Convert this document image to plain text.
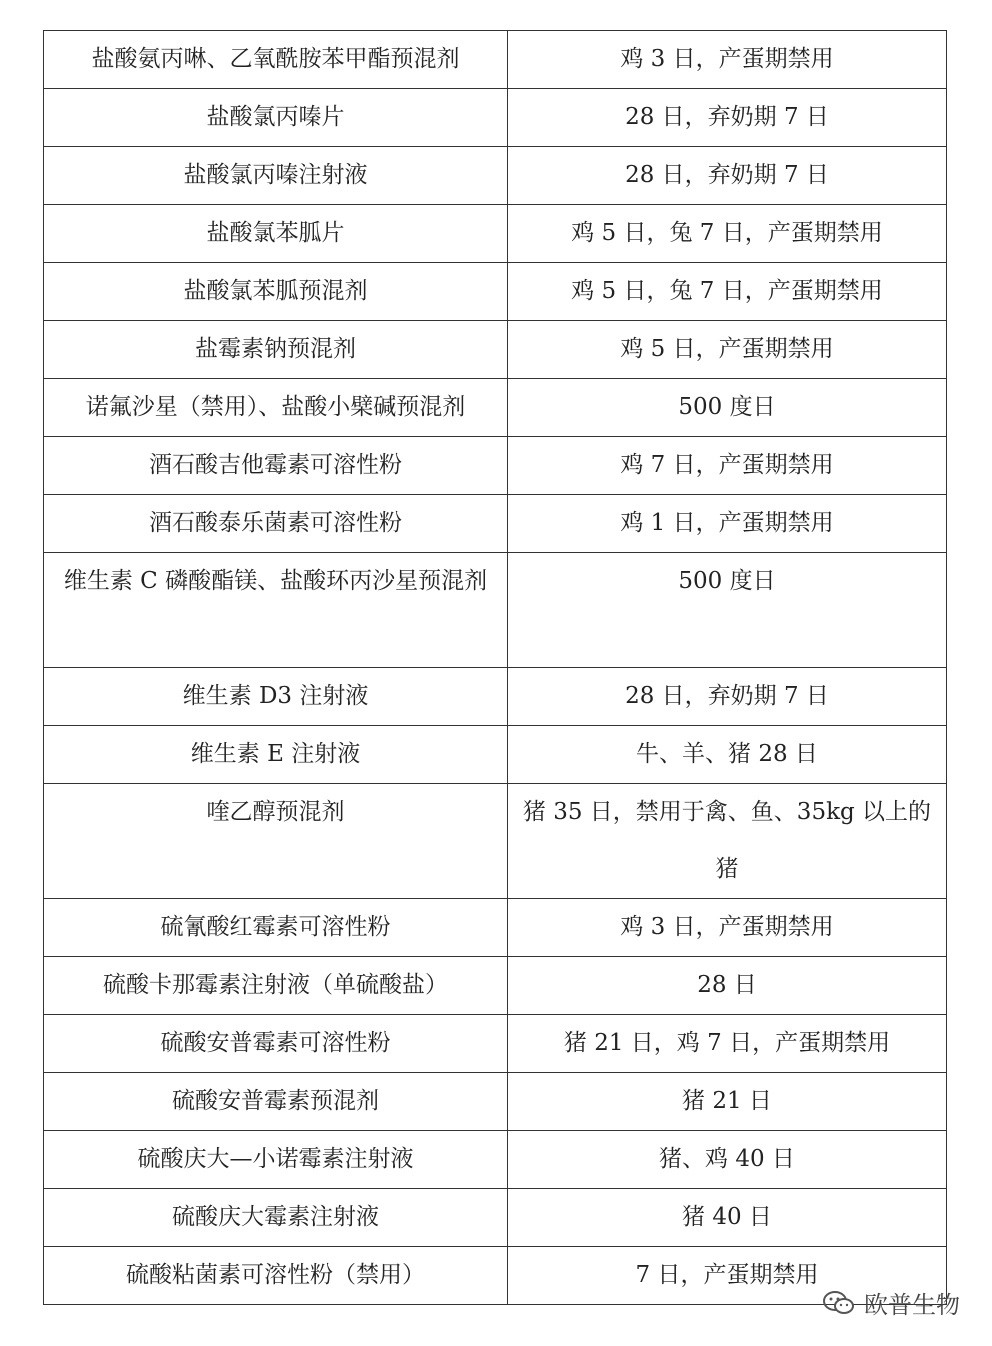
盐酸氨丙啉、乙氧酰胺苯甲酯预混剂	鸡 3 日，产蛋期禁用
盐酸氯丙嗪片	28 日，弃奶期 7 日
盐酸氯丙嗪注射液	28 日，弃奶期 7 日
盐酸氯苯胍片	鸡 5 日，兔 7 日，产蛋期禁用
盐酸氯苯胍预混剂	鸡 5 日，兔 7 日，产蛋期禁用
盐霉素钠预混剂	鸡 5 日，产蛋期禁用
诺氟沙星（禁用）、盐酸小檗碱预混剂	500 度日
酒石酸吉他霉素可溶性粉	鸡 7 日，产蛋期禁用
酒石酸泰乐菌素可溶性粉	鸡 1 日，产蛋期禁用
维生素 C 磷酸酯镁、盐酸环丙沙星预混剂	500 度日
维生素 D3 注射液	28 日，弃奶期 7 日
维生素 E 注射液	牛、羊、猪 28 日
喹乙醇预混剂	猪 35 日，禁用于禽、鱼、35kg 以上的猪
硫氰酸红霉素可溶性粉	鸡 3 日，产蛋期禁用
硫酸卡那霉素注射液（单硫酸盐）	28 日
硫酸安普霉素可溶性粉	猪 21 日，鸡 7 日，产蛋期禁用
硫酸安普霉素预混剂	猪 21 日
硫酸庆大—小诺霉素注射液	猪、鸡 40 日
硫酸庆大霉素注射液	猪 40 日
硫酸粘菌素可溶性粉（禁用）	7 日，产蛋期禁用
欧普生物
